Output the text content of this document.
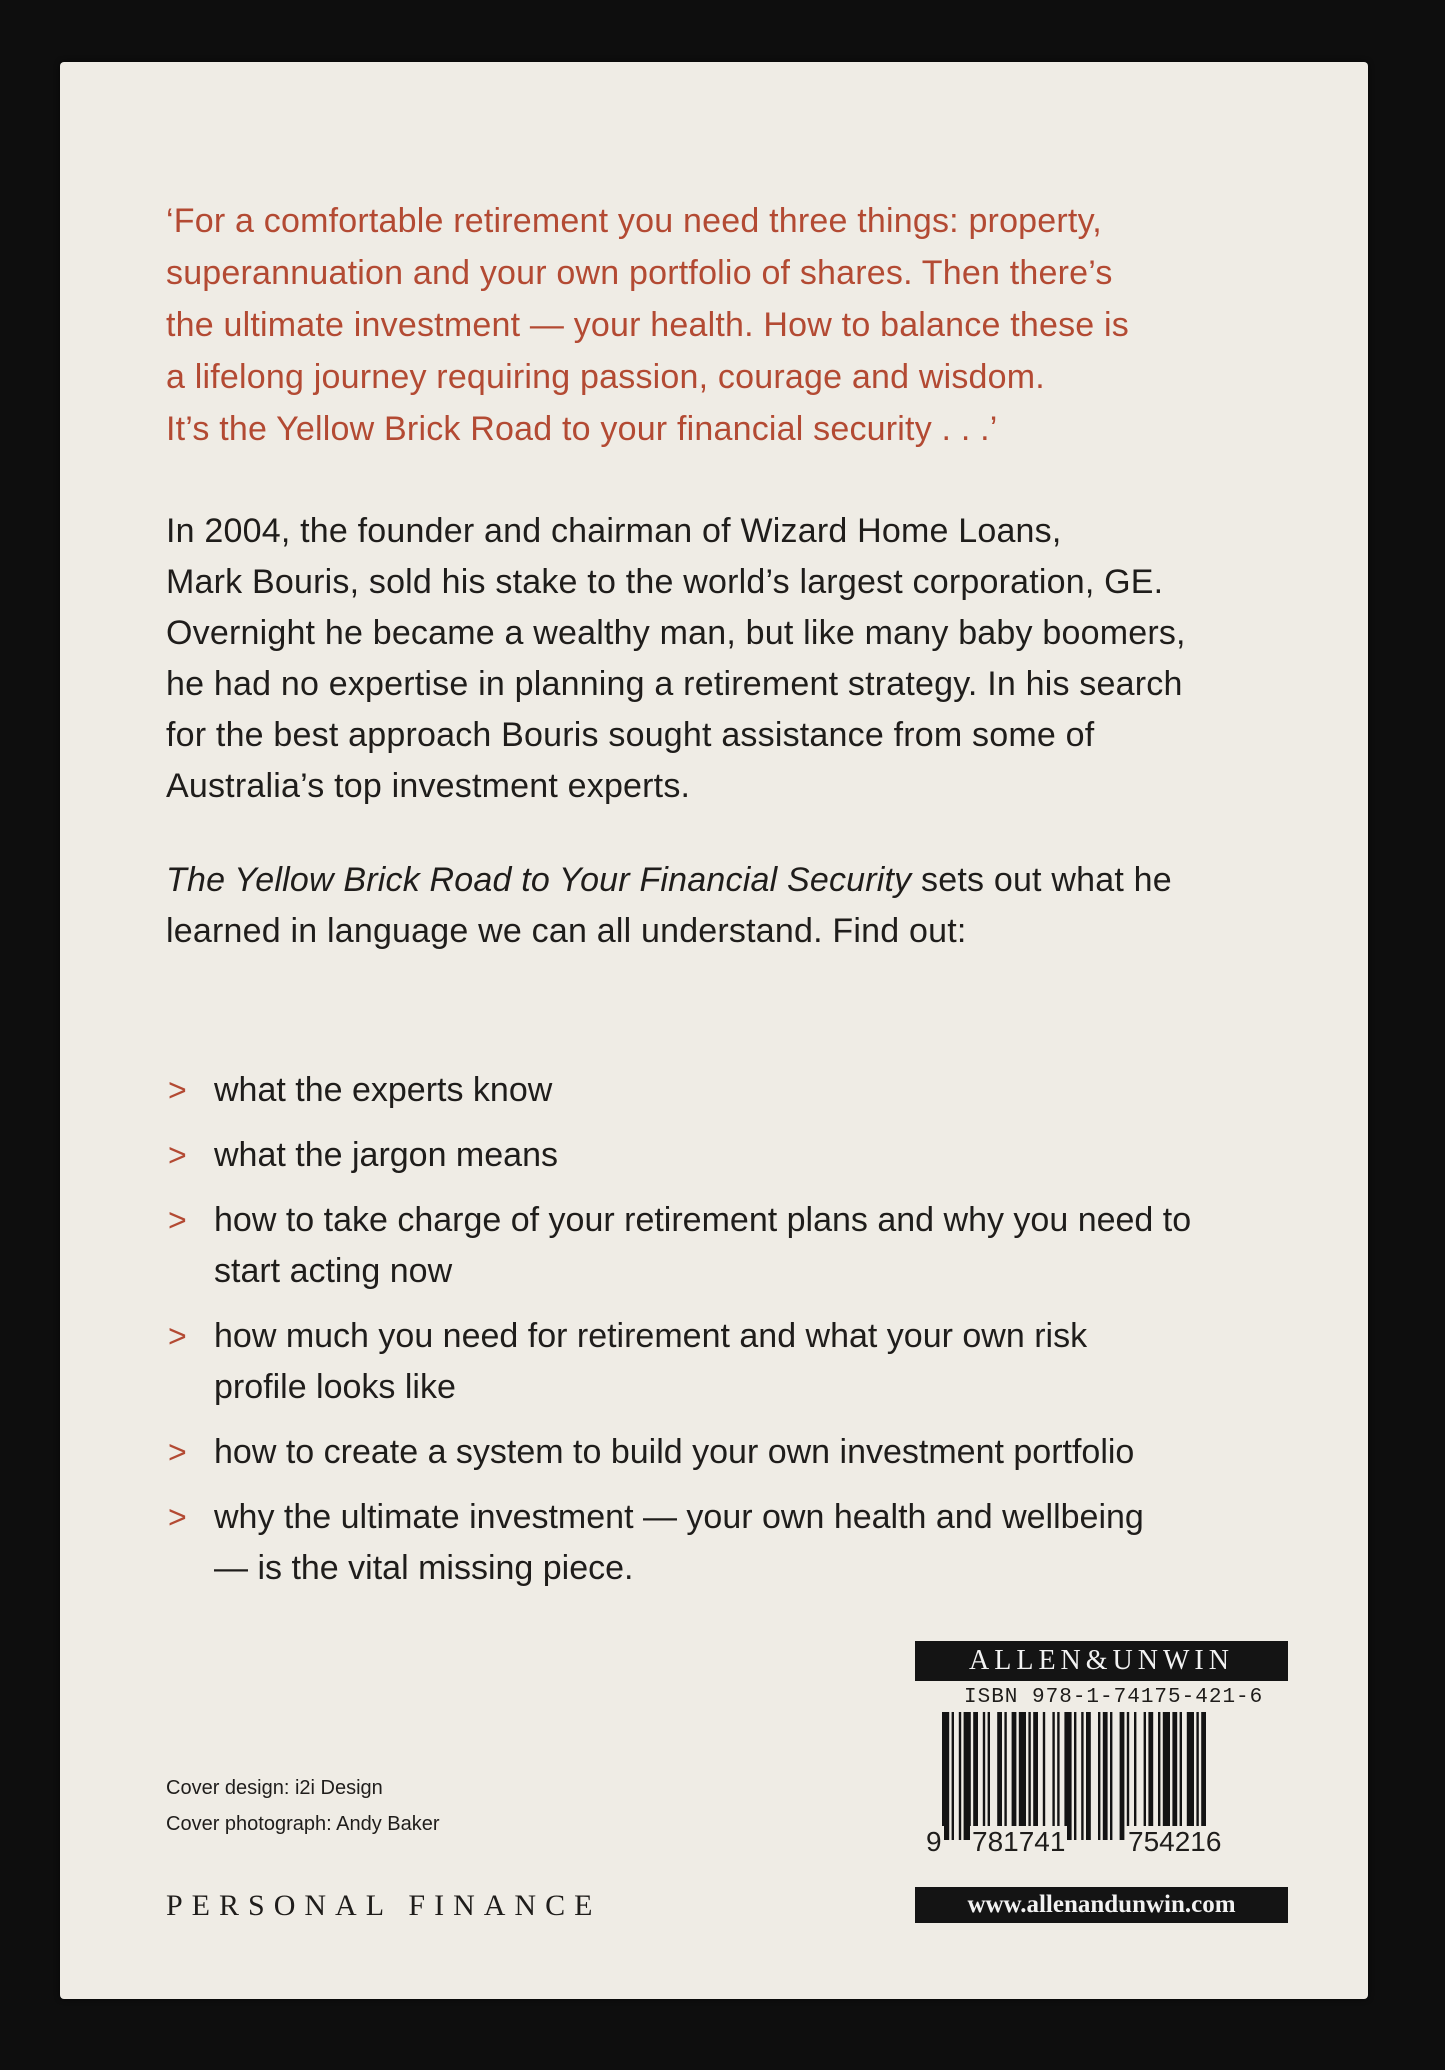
‘For a comfortable retirement you need three things: property,

superannuation and your own portfolio of shares. Then there’s

the ultimate investment — your health. How to balance these is

a lifelong journey requiring passion, courage and wisdom.

It’s the Yellow Brick Road to your financial security . . .’

In 2004, the founder and chairman of Wizard Home Loans,

Mark Bouris, sold his stake to the world’s largest corporation, GE.

Overnight he became a wealthy man, but like many baby boomers,

he had no expertise in planning a retirement strategy. In his search

for the best approach Bouris sought assistance from some of

Australia’s top investment experts.

The Yellow Brick Road to Your Financial Security sets out what he

learned in language we can all understand. Find out:

> what the experts know
> what the jargon means
> how to take charge of your retirement plans and why you need to
start acting now
> how much you need for retirement and what your own risk
profile looks like
> how to create a system to build your own investment portfolio
> why the ultimate investment — your own health and wellbeing
— is the vital missing piece.
Cover design: i2i Design
Cover photograph: Andy Baker
PERSONAL FINANCE
ALLEN&UNWIN
ISBN 978-1-74175-421-6
9 781741 754216
www.allenandunwin.com
